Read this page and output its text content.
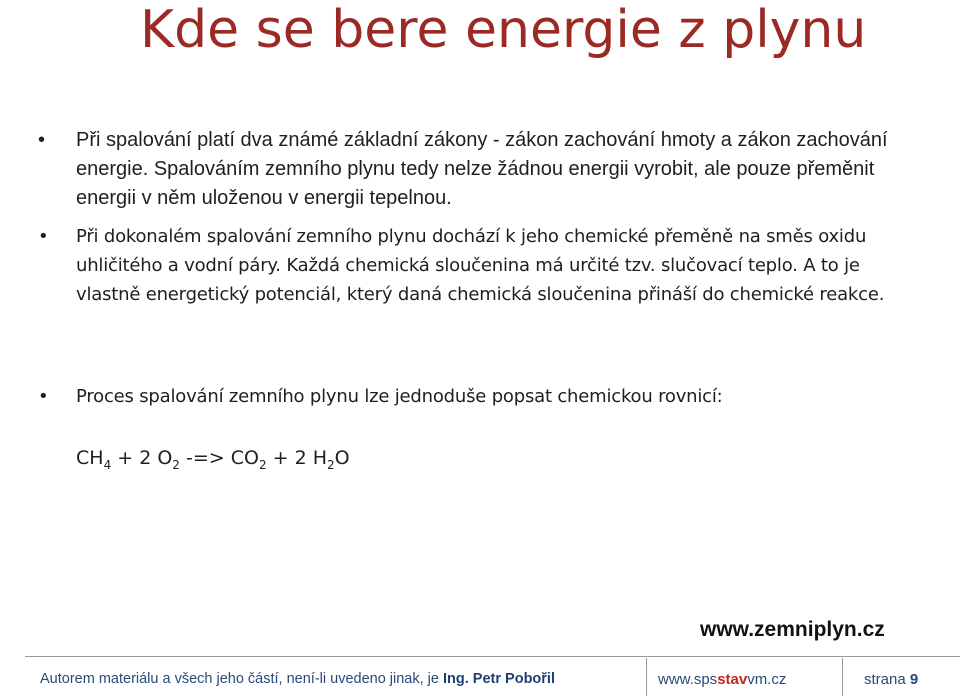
Kde se bere energie z plynu
• Při spalování platí dva známé základní zákony - zákon zachování hmoty a zákon zachování energie. Spalováním zemního plynu tedy nelze žádnou energii vyrobit, ale pouze přeměnit energii v něm uloženou v energii tepelnou.
• Při dokonalém spalování zemního plynu dochází k jeho chemické přeměně na směs oxidu uhličitého a vodní páry. Každá chemická sloučenina má určité tzv. slučovací teplo. A to je vlastně energetický potenciál, který daná chemická sloučenina přináší do chemické reakce.
• Proces spalování zemního plynu lze jednoduše popsat chemickou rovnicí:
$CH_4 + 2$ $O_2$ -=> $CO_2 + 2$ $H_2O$
www.zemniplyn.cz
Autorem materiálu a všech jeho částí, není-li uvedeno jinak, je Ing. Petr Pobořil	www.spsstavvm.cz	strana 9
